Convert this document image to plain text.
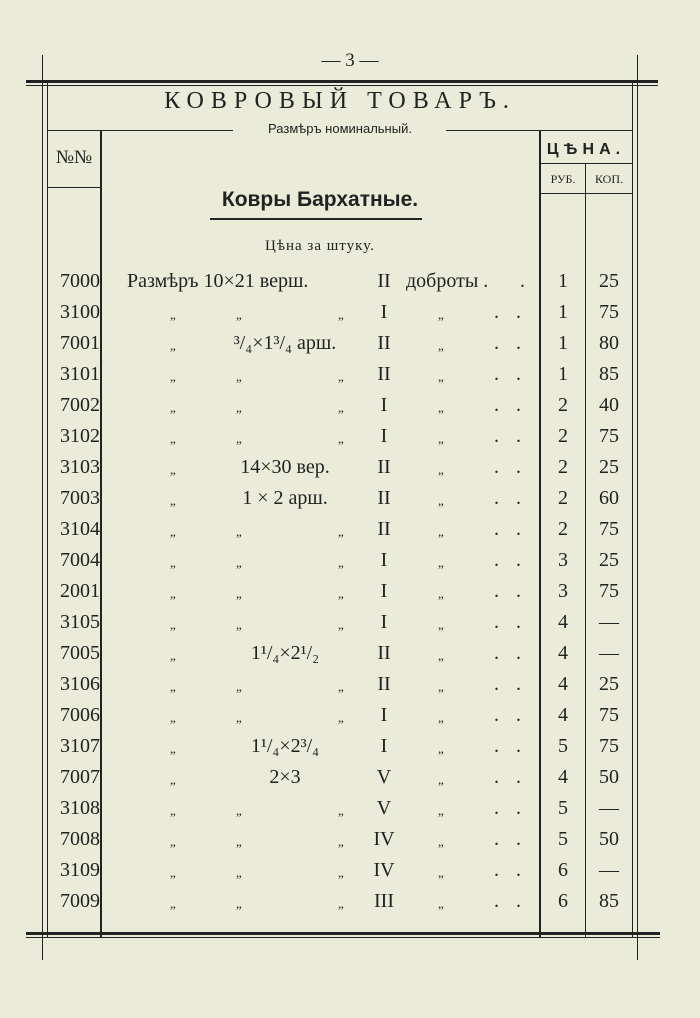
— 3 —
КОВРОВЫЙ ТОВАРЪ.
Размѣръ номинальный.
№№	ЦѢНА.
РУБ.	КОП.
Ковры Бархатные.
Цѣна за штуку.
7000 Размѣръ 10×21 верш.	II доброты . .	1	25
3100	„	„	„	I	„	. .	1	75
7001	„	³/₄×1³/₄ арш.	II	„	. .	1	80
3101	„	„	„	II	„	. .	1	85
7002	„	„	„	I	„	. .	2	40
3102	„	„	„	I	„	. .	2	75
3103	„	14×30 вер.	II	„	. .	2	25
7003	„	1 × 2 арш.	II	„	. .	2	60
3104	„	„	„	II	„	. .	2	75
7004	„	„	„	I	„	. .	3	25
2001	„	„	„	I	„	. .	3	75
3105	„	„	„	I	„	. .	4	—
7005	„	1¹/₄×2¹/₂	II	„	. .	4	—
3106	„	„	„	II	„	. .	4	25
7006	„	„	„	I	„	. .	4	75
3107	„	1¹/₄×2³/₄	I	„	. .	5	75
7007	„	2×3	V	„	. .	4	50
3108	„	„	„	V	„	. .	5	—
7008	„	„	„ IV	„	. .	5	50
3109	„	„	„ IV	„	. .	6	—
7009	„	„	„ III	„	. .	6	85
